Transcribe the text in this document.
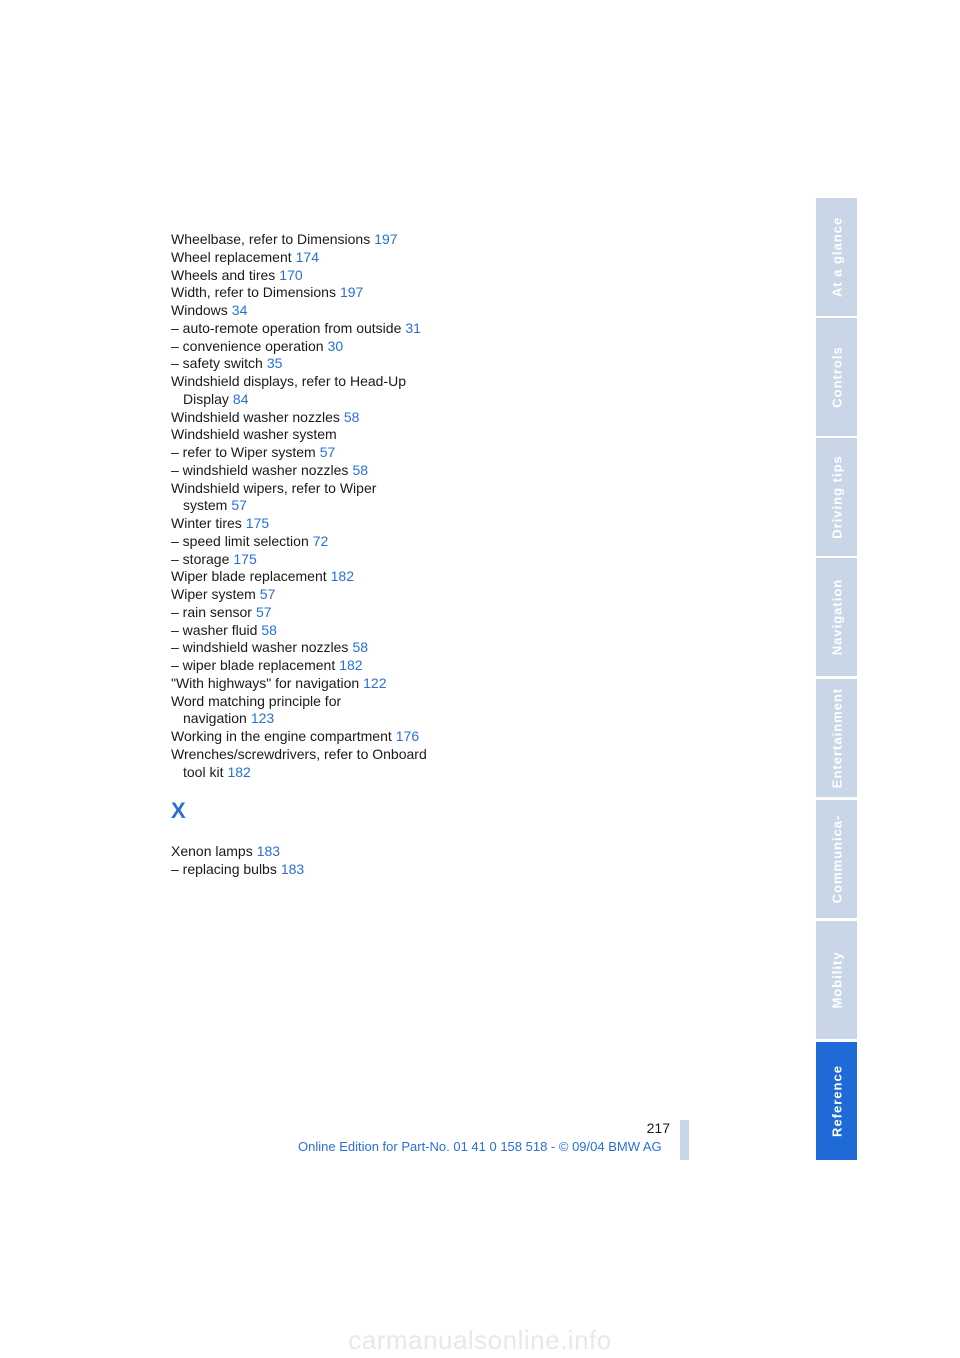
Wheelbase, refer to Dimensions 197
Wheel replacement 174
Wheels and tires 170
Width, refer to Dimensions 197
Windows 34
– auto-remote operation from outside 31
– convenience operation 30
– safety switch 35
Windshield displays, refer to Head-Up Display 84
Windshield washer nozzles 58
Windshield washer system
– refer to Wiper system 57
– windshield washer nozzles 58
Windshield wipers, refer to Wiper system 57
Winter tires 175
– speed limit selection 72
– storage 175
Wiper blade replacement 182
Wiper system 57
– rain sensor 57
– washer fluid 58
– windshield washer nozzles 58
– wiper blade replacement 182
"With highways" for navigation 122
Word matching principle for navigation 123
Working in the engine compartment 176
Wrenches/screwdrivers, refer to Onboard tool kit 182
X
Xenon lamps 183
– replacing bulbs 183
At a glance
Controls
Driving tips
Navigation
Entertainment
Communica-
Mobility
Reference
217
Online Edition for Part-No. 01 41 0 158 518 - © 09/04 BMW AG
carmanualsonline.info
